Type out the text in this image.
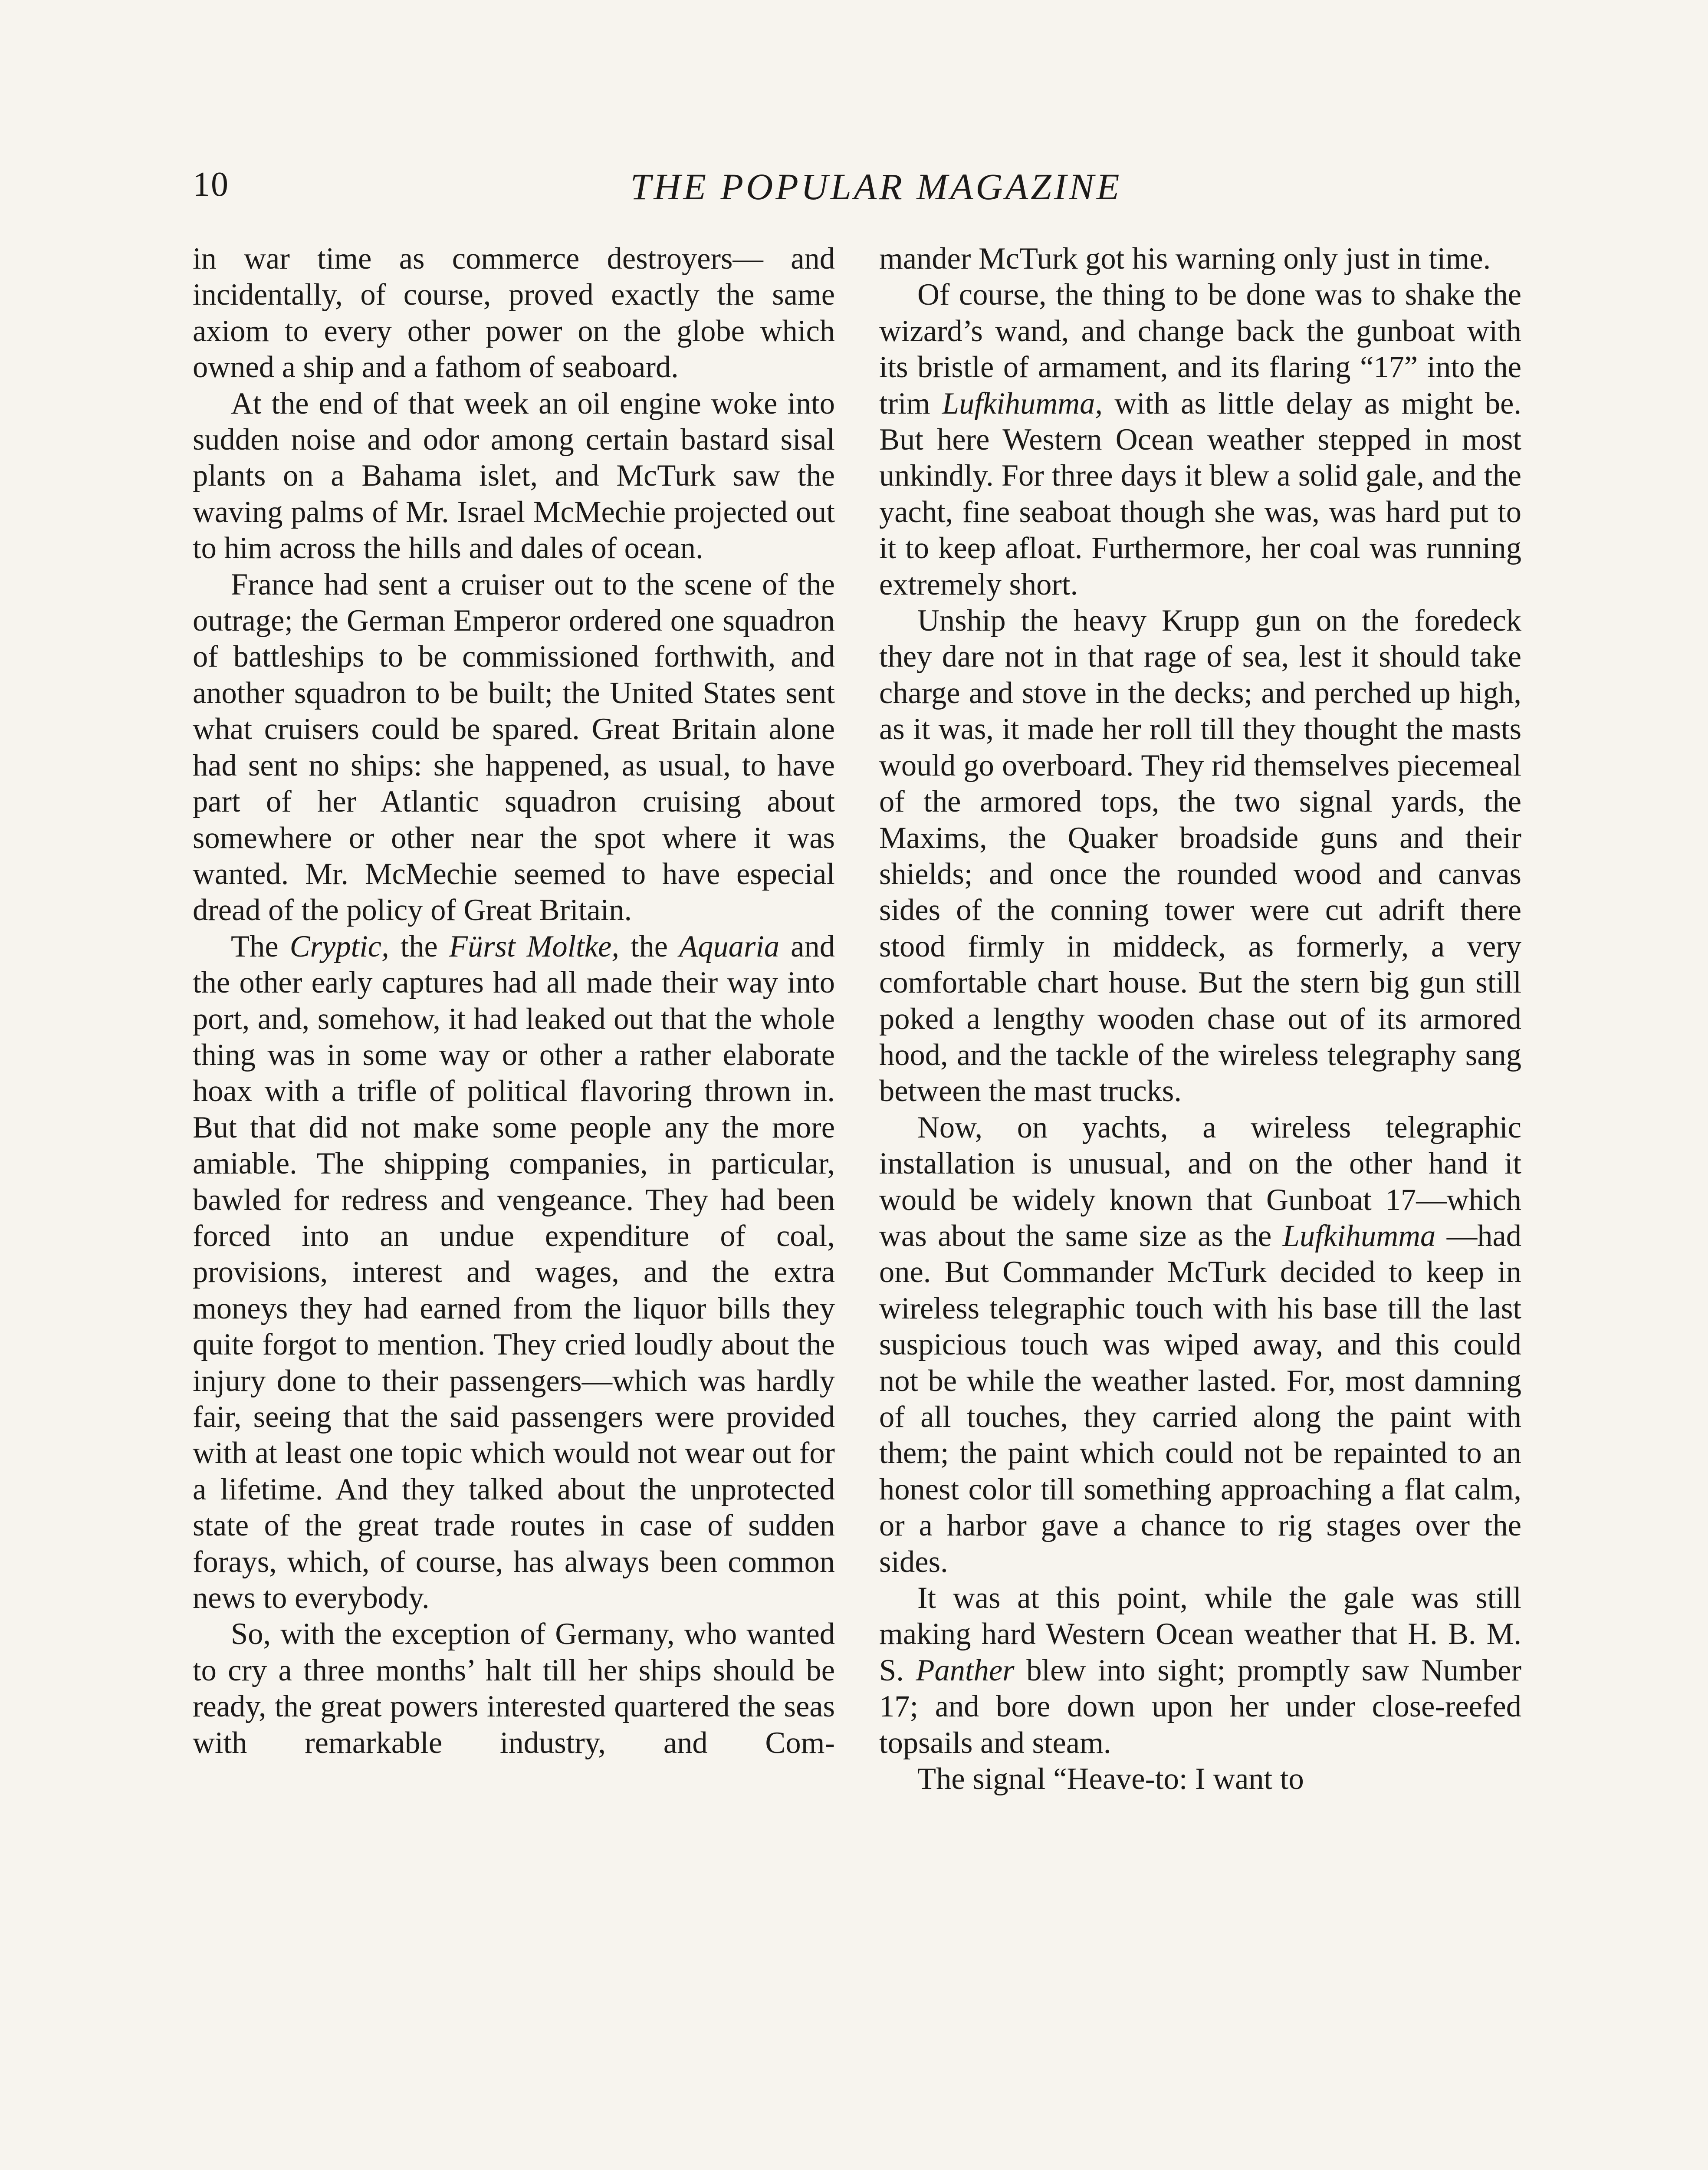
10	THE POPULAR MAGAZINE

in war time as commerce destroyers— and incidentally, of course, proved exactly the same axiom to every other power on the globe which owned a ship and a fathom of seaboard.

At the end of that week an oil engine woke into sudden noise and odor among certain bastard sisal plants on a Bahama islet, and McTurk saw the waving palms of Mr. Israel McMechie projected out to him across the hills and dales of ocean.

France had sent a cruiser out to the scene of the outrage; the German Emperor ordered one squadron of battleships to be commissioned forthwith, and another squadron to be built; the United States sent what cruisers could be spared. Great Britain alone had sent no ships: she happened, as usual, to have part of her Atlantic squadron cruising about somewhere or other near the spot where it was wanted. Mr. McMechie seemed to have especial dread of the policy of Great Britain.

The Cryptic, the Fürst Moltke, the Aquaria and the other early captures had all made their way into port, and, somehow, it had leaked out that the whole thing was in some way or other a rather elaborate hoax with a trifle of political flavoring thrown in. But that did not make some people any the more amiable. The shipping companies, in particular, bawled for redress and vengeance. They had been forced into an undue expenditure of coal, provisions, interest and wages, and the extra moneys they had earned from the liquor bills they quite forgot to mention. They cried loudly about the injury done to their passengers—which was hardly fair, seeing that the said passengers were provided with at least one topic which would not wear out for a lifetime. And they talked about the unprotected state of the great trade routes in case of sudden forays, which, of course, has always been common news to everybody.

So, with the exception of Germany, who wanted to cry a three months’ halt till her ships should be ready, the great powers interested quartered the seas with remarkable industry, and Com-

mander McTurk got his warning only just in time.

Of course, the thing to be done was to shake the wizard’s wand, and change back the gunboat with its bristle of armament, and its flaring “17” into the trim Lufkihumma, with as little delay as might be. But here Western Ocean weather stepped in most unkindly. For three days it blew a solid gale, and the yacht, fine seaboat though she was, was hard put to it to keep afloat. Furthermore, her coal was running extremely short.

Unship the heavy Krupp gun on the foredeck they dare not in that rage of sea, lest it should take charge and stove in the decks; and perched up high, as it was, it made her roll till they thought the masts would go overboard. They rid themselves piecemeal of the armored tops, the two signal yards, the Maxims, the Quaker broadside guns and their shields; and once the rounded wood and canvas sides of the conning tower were cut adrift there stood firmly in middeck, as formerly, a very comfortable chart house. But the stern big gun still poked a lengthy wooden chase out of its armored hood, and the tackle of the wireless telegraphy sang between the mast trucks.

Now, on yachts, a wireless telegraphic installation is unusual, and on the other hand it would be widely known that Gunboat 17—which was about the same size as the Lufkihumma —had one. But Commander McTurk decided to keep in wireless telegraphic touch with his base till the last suspicious touch was wiped away, and this could not be while the weather lasted. For, most damning of all touches, they carried along the paint with them; the paint which could not be repainted to an honest color till something approaching a flat calm, or a harbor gave a chance to rig stages over the sides.

It was at this point, while the gale was still making hard Western Ocean weather that H. B. M. S. Panther blew into sight; promptly saw Number 17; and bore down upon her under close-reefed topsails and steam.

The signal “Heave-to: I want to
